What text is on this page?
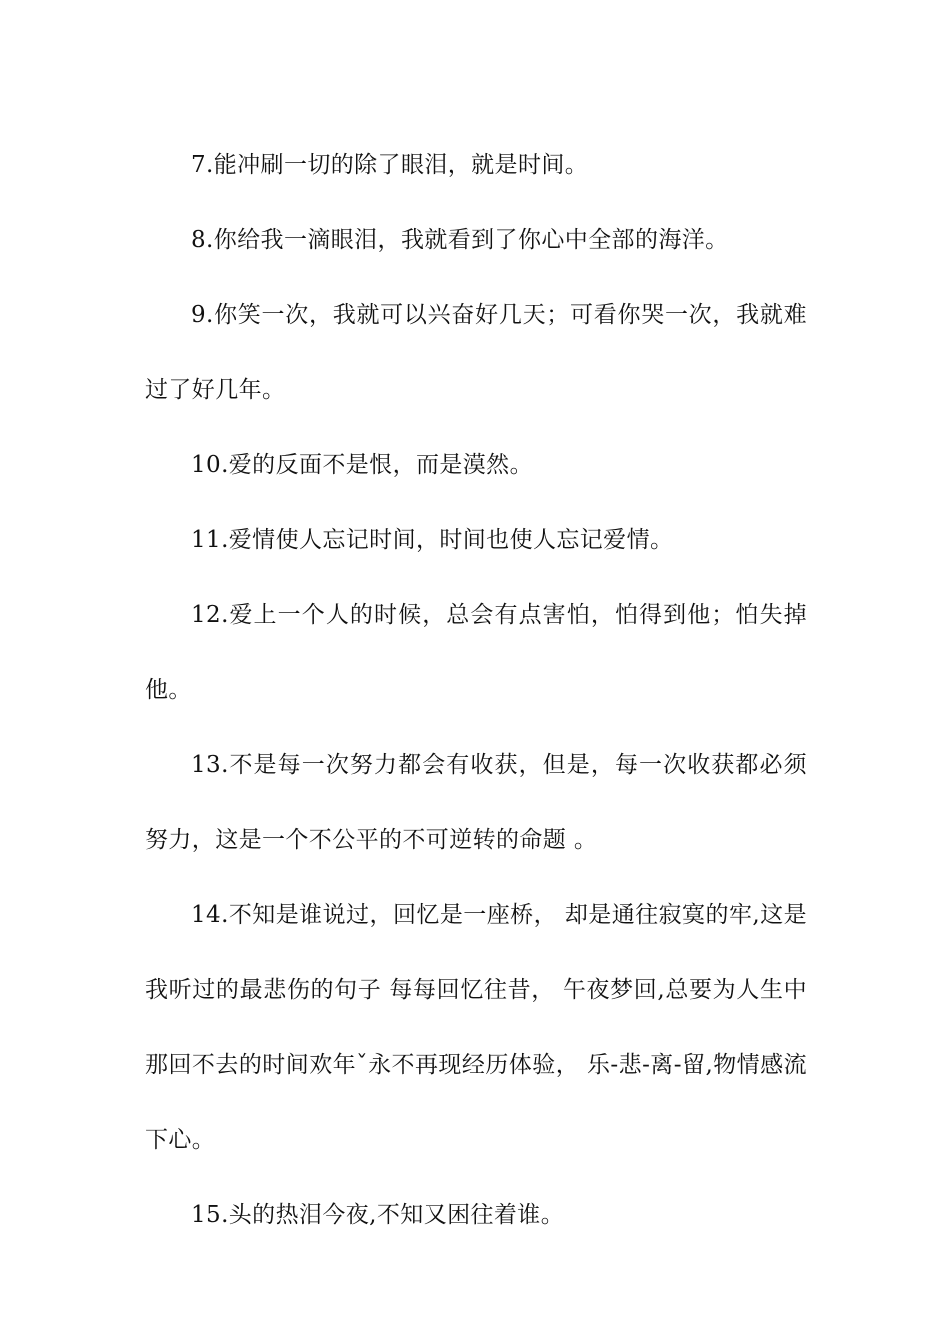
7.能冲刷一切的除了眼泪，就是时间。

8.你给我一滴眼泪，我就看到了你心中全部的海洋。

9.你笑一次，我就可以兴奋好几天；可看你哭一次，我就难过了好几年。

10.爱的反面不是恨，而是漠然。

11.爱情使人忘记时间，时间也使人忘记爱情。

12.爱上一个人的时候，总会有点害怕，怕得到他；怕失掉他。

13.不是每一次努力都会有收获，但是，每一次收获都必须努力，这是一个不公平的不可逆转的命题 。

14.不知是谁说过，回忆是一座桥， 却是通往寂寞的牢,这是我听过的最悲伤的句子 每每回忆往昔， 午夜梦回,总要为人生中那回不去的时间欢年ˇ永不再现经历体验， 乐-悲-离-留,物情感流下心。

15.头的热泪今夜,不知又困往着谁。
